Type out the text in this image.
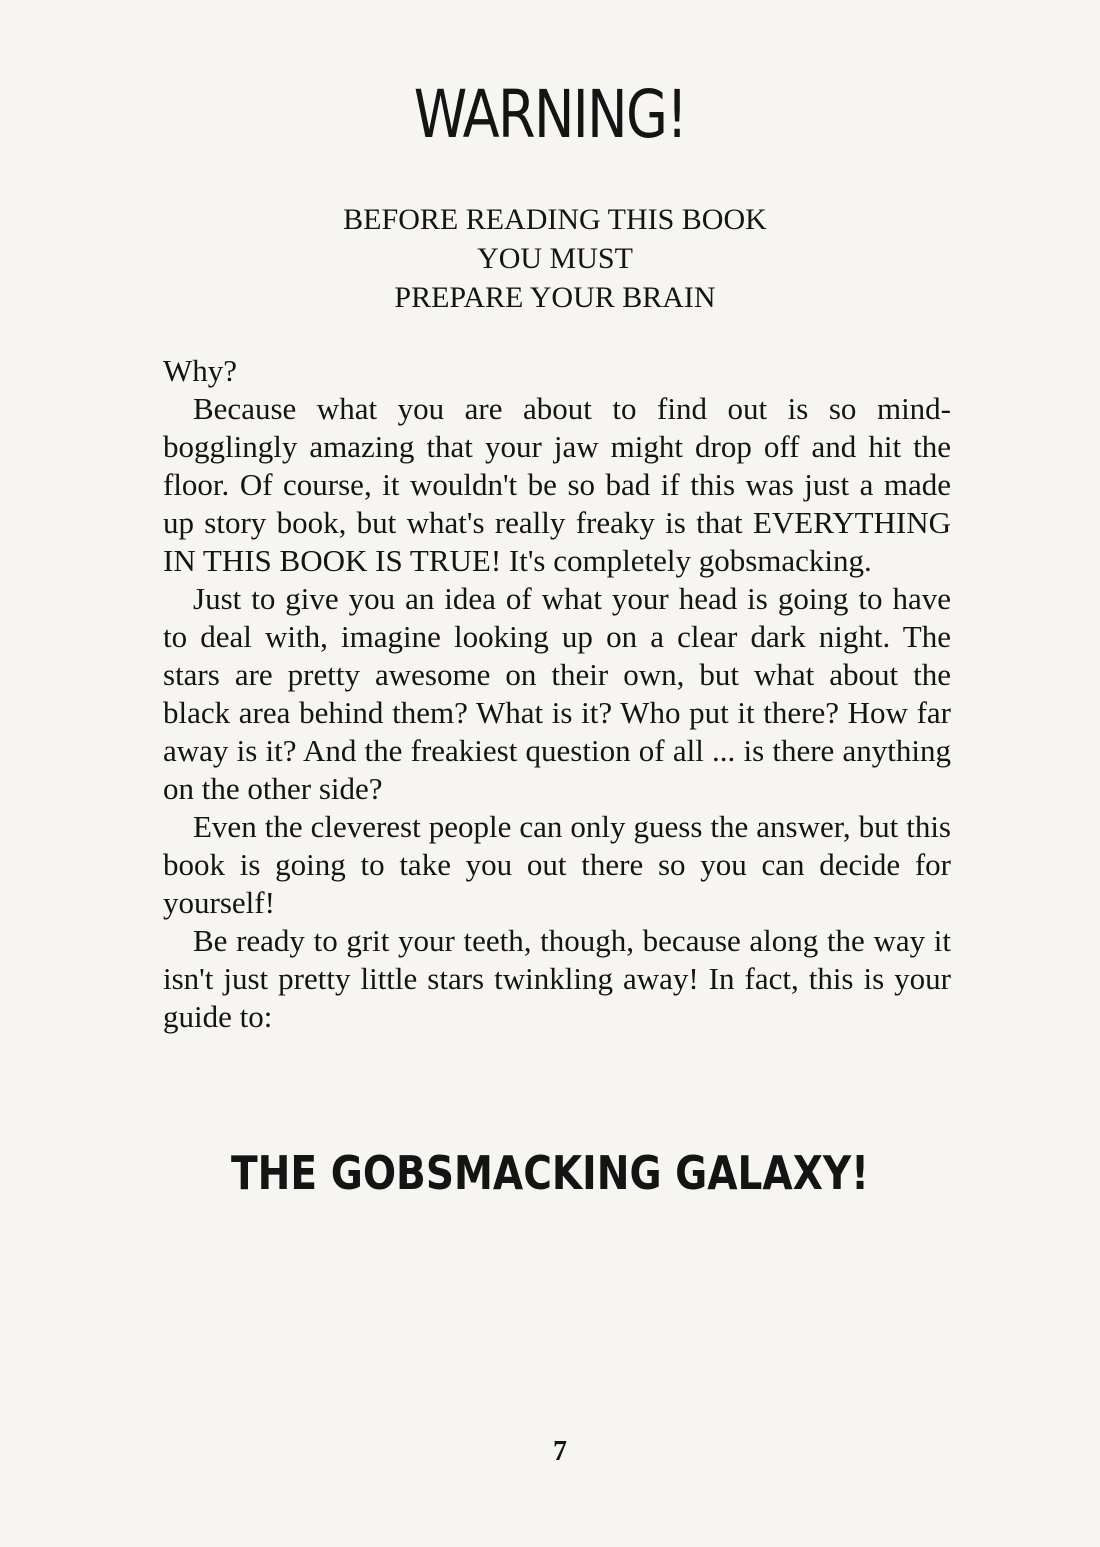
WARNING!
BEFORE READING THIS BOOK
YOU MUST
PREPARE YOUR BRAIN

Why?

Because what you are about to find out is so mind-bogglingly amazing that your jaw might drop off and hit the floor. Of course, it wouldn't be so bad if this was just a made up story book, but what's really freaky is that EVERYTHING IN THIS BOOK IS TRUE! It's completely gobsmacking.

Just to give you an idea of what your head is going to have to deal with, imagine looking up on a clear dark night. The stars are pretty awesome on their own, but what about the black area behind them? What is it? Who put it there? How far away is it? And the freakiest question of all ... is there anything on the other side?

Even the cleverest people can only guess the answer, but this book is going to take you out there so you can decide for yourself!

Be ready to grit your teeth, though, because along the way it isn't just pretty little stars twinkling away! In fact, this is your guide to:

THE GOBSMACKING GALAXY!
7
